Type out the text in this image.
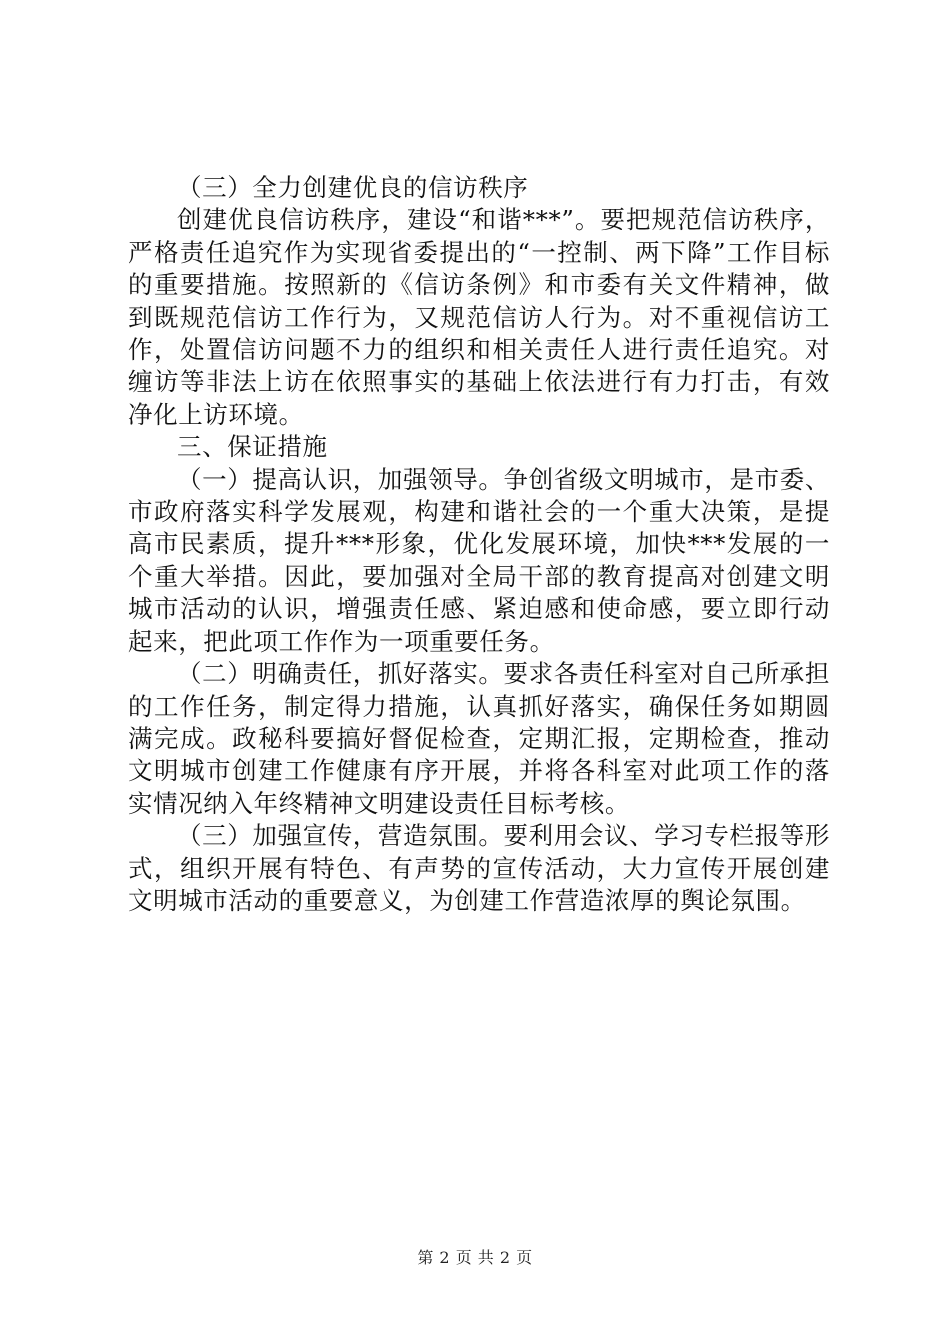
（三）全力创建优良的信访秩序

创建优良信访秩序，建设“和谐***”。要把规范信访秩序，严格责任追究作为实现省委提出的“一控制、两下降”工作目标的重要措施。按照新的《信访条例》和市委有关文件精神，做到既规范信访工作行为，又规范信访人行为。对不重视信访工作，处置信访问题不力的组织和相关责任人进行责任追究。对缠访等非法上访在依照事实的基础上依法进行有力打击，有效净化上访环境。

三、保证措施

（一）提高认识，加强领导。争创省级文明城市，是市委、市政府落实科学发展观，构建和谐社会的一个重大决策，是提高市民素质，提升***形象，优化发展环境，加快***发展的一个重大举措。因此，要加强对全局干部的教育提高对创建文明城市活动的认识，增强责任感、紧迫感和使命感，要立即行动起来，把此项工作作为一项重要任务。

（二）明确责任，抓好落实。要求各责任科室对自己所承担的工作任务，制定得力措施，认真抓好落实，确保任务如期圆满完成。政秘科要搞好督促检查，定期汇报，定期检查，推动文明城市创建工作健康有序开展，并将各科室对此项工作的落实情况纳入年终精神文明建设责任目标考核。

（三）加强宣传，营造氛围。要利用会议、学习专栏报等形式，组织开展有特色、有声势的宣传活动，大力宣传开展创建文明城市活动的重要意义，为创建工作营造浓厚的舆论氛围。

第 2 页 共 2 页
